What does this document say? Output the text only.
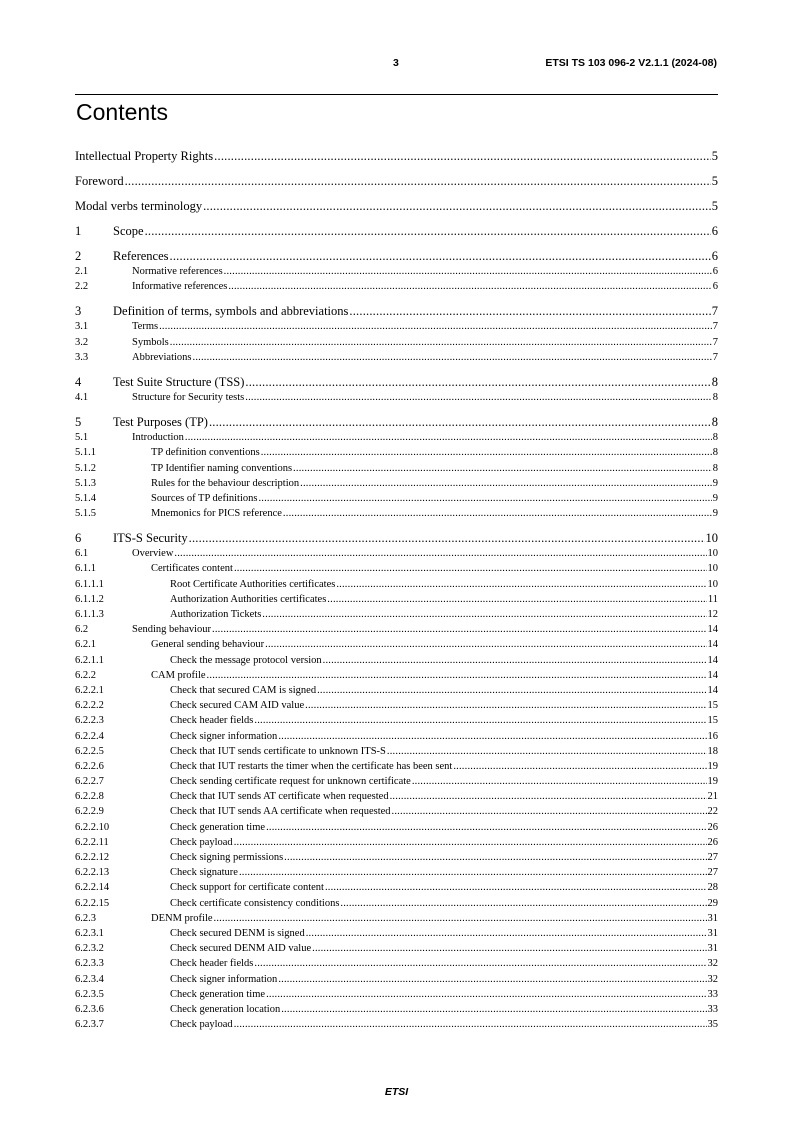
3	ETSI TS 103 096-2 V2.1.1 (2024-08)
Contents
Intellectual Property Rights .....	5
Foreword .....	5
Modal verbs terminology .....	5
1	Scope .....	6
2	References .....	6
2.1	Normative references .....	6
2.2	Informative references .....	6
3	Definition of terms, symbols and abbreviations .....	7
3.1	Terms .....	7
3.2	Symbols .....	7
3.3	Abbreviations .....	7
4	Test Suite Structure (TSS) .....	8
4.1	Structure for Security tests .....	8
5	Test Purposes (TP) .....	8
5.1	Introduction .....	8
5.1.1	TP definition conventions .....	8
5.1.2	TP Identifier naming conventions .....	8
5.1.3	Rules for the behaviour description .....	9
5.1.4	Sources of TP definitions .....	9
5.1.5	Mnemonics for PICS reference .....	9
6	ITS-S Security .....	10
6.1	Overview .....	10
6.1.1	Certificates content .....	10
6.1.1.1	Root Certificate Authorities certificates .....	10
6.1.1.2	Authorization Authorities certificates .....	11
6.1.1.3	Authorization Tickets .....	12
6.2	Sending behaviour .....	14
6.2.1	General sending behaviour .....	14
6.2.1.1	Check the message protocol version .....	14
6.2.2	CAM profile .....	14
6.2.2.1	Check that secured CAM is signed .....	14
6.2.2.2	Check secured CAM AID value .....	15
6.2.2.3	Check header fields .....	15
6.2.2.4	Check signer information .....	16
6.2.2.5	Check that IUT sends certificate to unknown ITS-S .....	18
6.2.2.6	Check that IUT restarts the timer when the certificate has been sent .....	19
6.2.2.7	Check sending certificate request for unknown certificate .....	19
6.2.2.8	Check that IUT sends AT certificate when requested .....	21
6.2.2.9	Check that IUT sends AA certificate when requested .....	22
6.2.2.10	Check generation time .....	26
6.2.2.11	Check payload .....	26
6.2.2.12	Check signing permissions .....	27
6.2.2.13	Check signature .....	27
6.2.2.14	Check support for certificate content .....	28
6.2.2.15	Check certificate consistency conditions .....	29
6.2.3	DENM profile .....	31
6.2.3.1	Check secured DENM is signed .....	31
6.2.3.2	Check secured DENM AID value .....	31
6.2.3.3	Check header fields .....	32
6.2.3.4	Check signer information .....	32
6.2.3.5	Check generation time .....	33
6.2.3.6	Check generation location .....	33
6.2.3.7	Check payload .....	35
ETSI
